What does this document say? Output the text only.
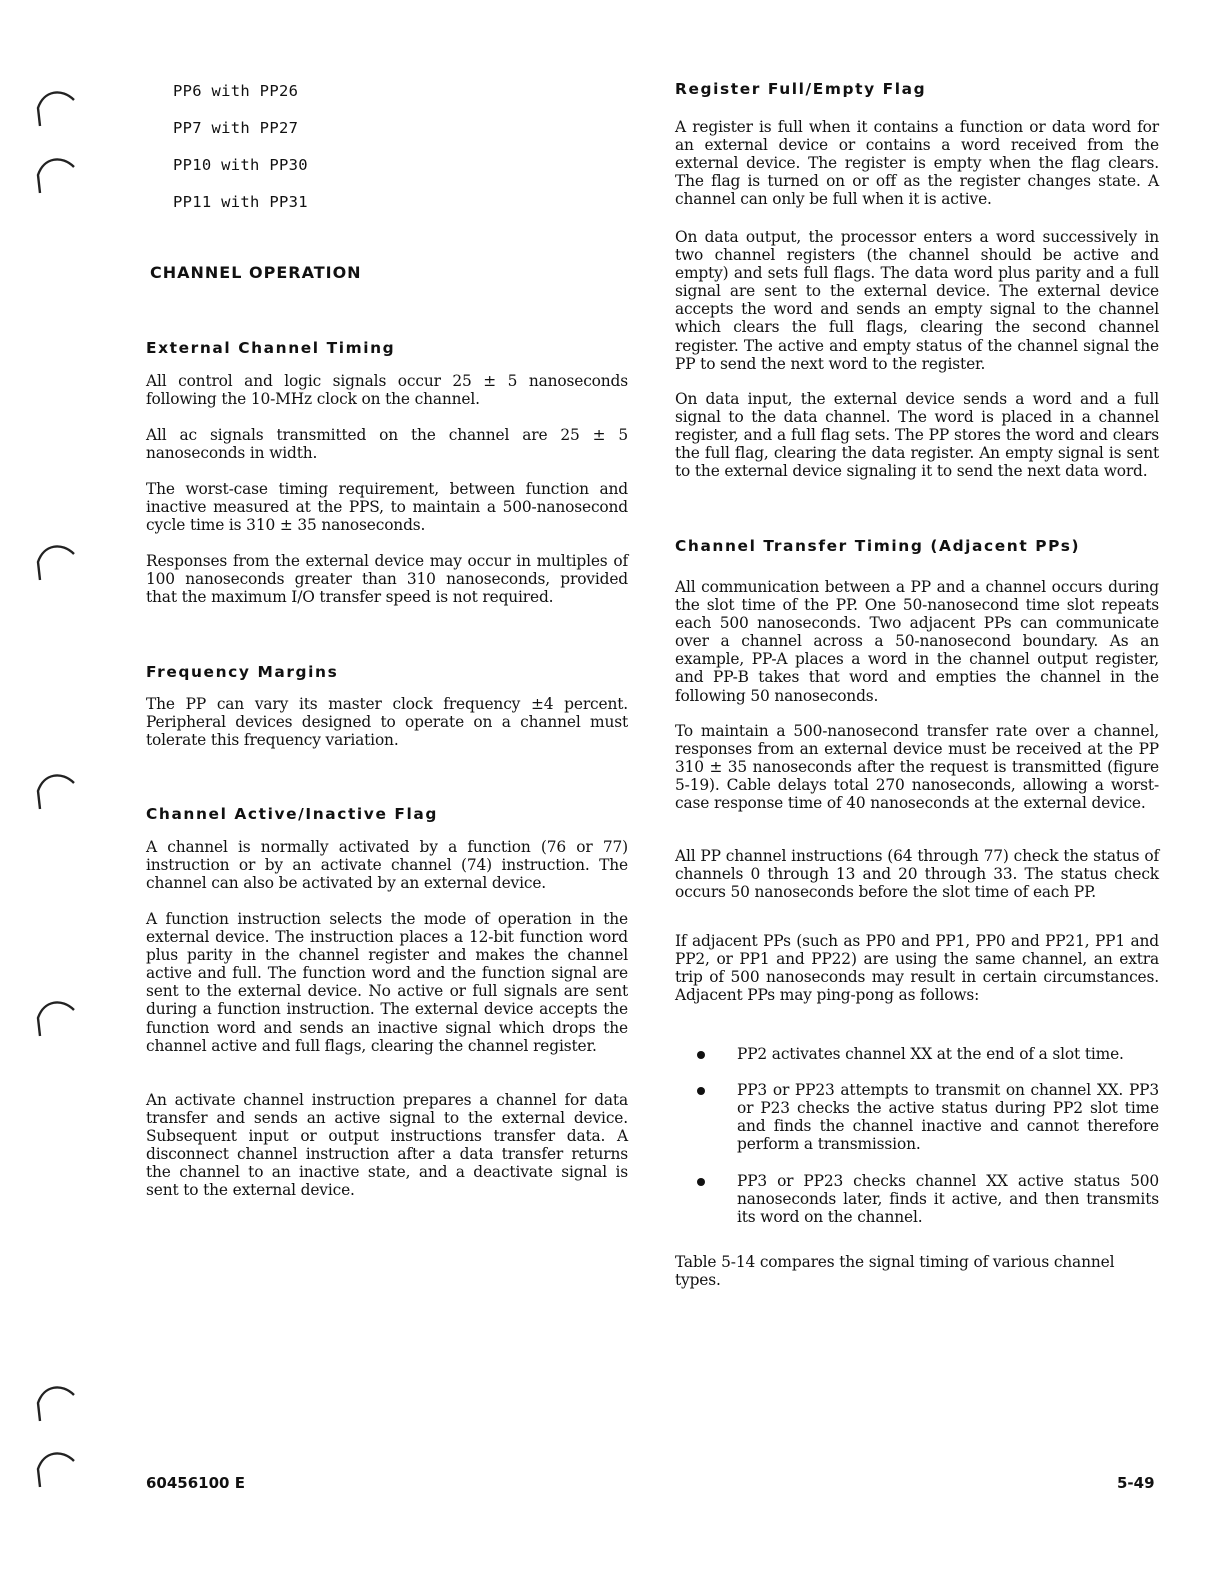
PP6 with PP26
PP7 with PP27
PP10 with PP30
PP11 with PP31
CHANNEL OPERATION
External Channel Timing

All control and logic signals occur 25 ± 5 nanoseconds following the 10-MHz clock on the channel.

All ac signals transmitted on the channel are 25 ± 5 nanoseconds in width.

The worst-case timing requirement, between function and inactive measured at the PPS, to maintain a 500-nanosecond cycle time is 310 ± 35 nanoseconds.

Responses from the external device may occur in multiples of 100 nanoseconds greater than 310 nanoseconds, provided that the maximum I/O transfer speed is not required.

Frequency Margins

The PP can vary its master clock frequency ±4 percent. Peripheral devices designed to operate on a channel must tolerate this frequency variation.

Channel Active/Inactive Flag

A channel is normally activated by a function (76 or 77) instruction or by an activate channel (74) instruction. The channel can also be activated by an external device.

A function instruction selects the mode of operation in the external device. The instruction places a 12-bit function word plus parity in the channel register and makes the channel active and full. The function word and the function signal are sent to the external device. No active or full signals are sent during a function instruction. The external device accepts the function word and sends an inactive signal which drops the channel active and full flags, clearing the channel register.

An activate channel instruction prepares a channel for data transfer and sends an active signal to the external device. Subsequent input or output instructions transfer data. A disconnect channel instruction after a data transfer returns the channel to an inactive state, and a deactivate signal is sent to the external device.

Register Full/Empty Flag

A register is full when it contains a function or data word for an external device or contains a word received from the external device. The register is empty when the flag clears. The flag is turned on or off as the register changes state. A channel can only be full when it is active.

On data output, the processor enters a word successively in two channel registers (the channel should be active and empty) and sets full flags. The data word plus parity and a full signal are sent to the external device. The external device accepts the word and sends an empty signal to the channel which clears the full flags, clearing the second channel register. The active and empty status of the channel signal the PP to send the next word to the register.

On data input, the external device sends a word and a full signal to the data channel. The word is placed in a channel register, and a full flag sets. The PP stores the word and clears the full flag, clearing the data register. An empty signal is sent to the external device signaling it to send the next data word.

Channel Transfer Timing (Adjacent PPs)

All communication between a PP and a channel occurs during the slot time of the PP. One 50-nanosecond time slot repeats each 500 nanoseconds. Two adjacent PPs can communicate over a channel across a 50-nanosecond boundary. As an example, PP-A places a word in the channel output register, and PP-B takes that word and empties the channel in the following 50 nanoseconds.

To maintain a 500-nanosecond transfer rate over a channel, responses from an external device must be received at the PP 310 ± 35 nanoseconds after the request is transmitted (figure 5-19). Cable delays total 270 nanoseconds, allowing a worst-case response time of 40 nanoseconds at the external device.

All PP channel instructions (64 through 77) check the status of channels 0 through 13 and 20 through 33. The status check occurs 50 nanoseconds before the slot time of each PP.

If adjacent PPs (such as PP0 and PP1, PP0 and PP21, PP1 and PP2, or PP1 and PP22) are using the same channel, an extra trip of 500 nanoseconds may result in certain circumstances. Adjacent PPs may ping-pong as follows:

PP2 activates channel XX at the end of a slot time.

PP3 or PP23 attempts to transmit on channel XX. PP3 or P23 checks the active status during PP2 slot time and finds the channel inactive and cannot therefore perform a transmission.

PP3 or PP23 checks channel XX active status 500 nanoseconds later, finds it active, and then transmits its word on the channel.

Table 5-14 compares the signal timing of various channel types.

60456100 E	5-49
